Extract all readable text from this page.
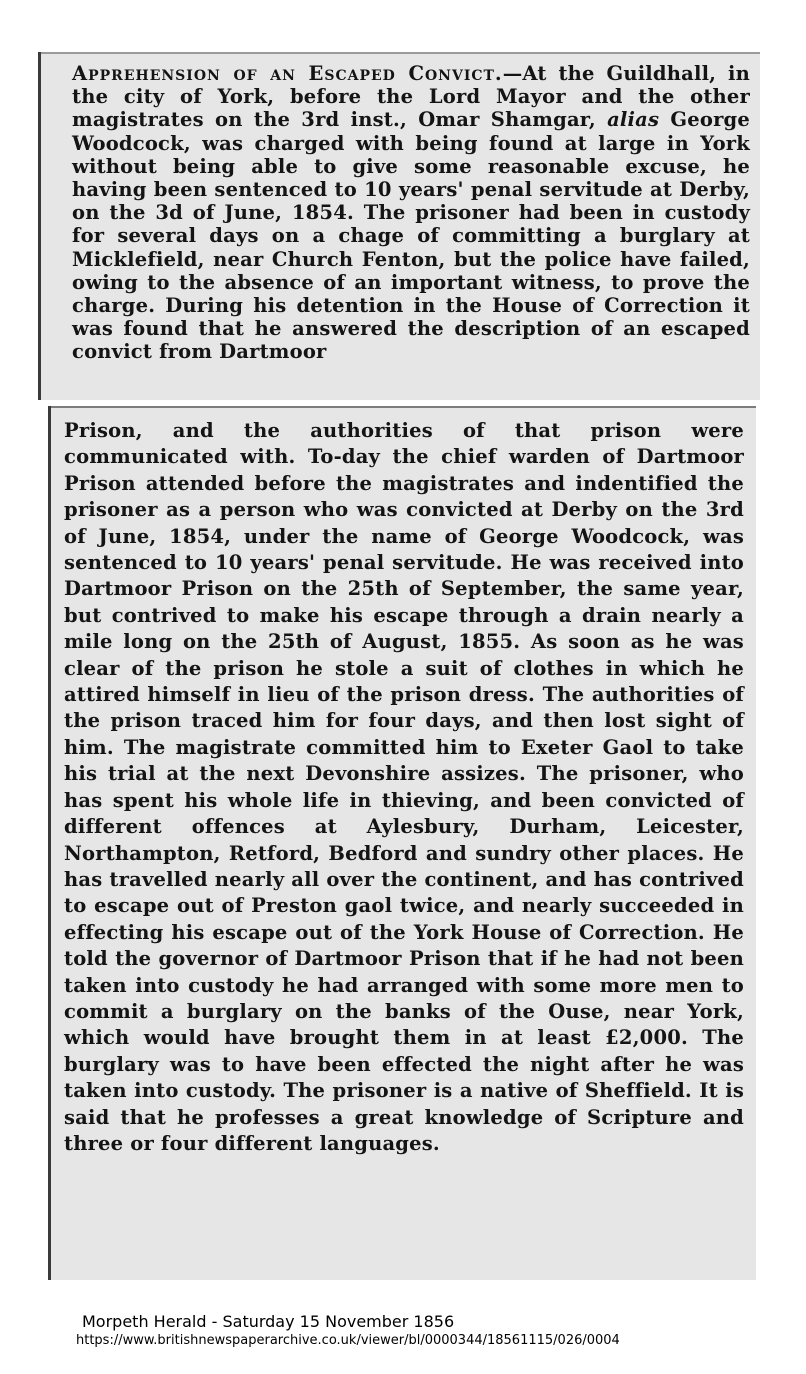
Apprehension of an Escaped Convict.—At the Guildhall, in the city of York, before the Lord Mayor and the other magistrates on the 3rd inst., Omar Shamgar, alias George Woodcock, was charged with being found at large in York without being able to give some reasonable excuse, he having been sentenced to 10 years' penal servitude at Derby, on the 3d of June, 1854. The prisoner had been in custody for several days on a chage of committing a burglary at Micklefield, near Church Fenton, but the police have failed, owing to the absence of an important witness, to prove the charge. During his detention in the House of Correction it was found that he answered the description of an escaped convict from Dartmoor

Prison, and the authorities of that prison were communicated with. To-day the chief warden of Dartmoor Prison attended before the magistrates and indentified the prisoner as a person who was convicted at Derby on the 3rd of June, 1854, under the name of George Woodcock, was sentenced to 10 years' penal servitude. He was received into Dartmoor Prison on the 25th of September, the same year, but contrived to make his escape through a drain nearly a mile long on the 25th of August, 1855. As soon as he was clear of the prison he stole a suit of clothes in which he attired himself in lieu of the prison dress. The authorities of the prison traced him for four days, and then lost sight of him. The magistrate committed him to Exeter Gaol to take his trial at the next Devonshire assizes. The prisoner, who has spent his whole life in thieving, and been convicted of different offences at Aylesbury, Durham, Leicester, Northampton, Retford, Bedford and sundry other places. He has travelled nearly all over the continent, and has contrived to escape out of Preston gaol twice, and nearly succeeded in effecting his escape out of the York House of Correction. He told the governor of Dartmoor Prison that if he had not been taken into custody he had arranged with some more men to commit a burglary on the banks of the Ouse, near York, which would have brought them in at least £2,000. The burglary was to have been effected the night after he was taken into custody. The prisoner is a native of Sheffield. It is said that he professes a great knowledge of Scripture and three or four different languages.

Morpeth Herald - Saturday 15 November 1856
https://www.britishnewspaperarchive.co.uk/viewer/bl/0000344/18561115/026/0004
